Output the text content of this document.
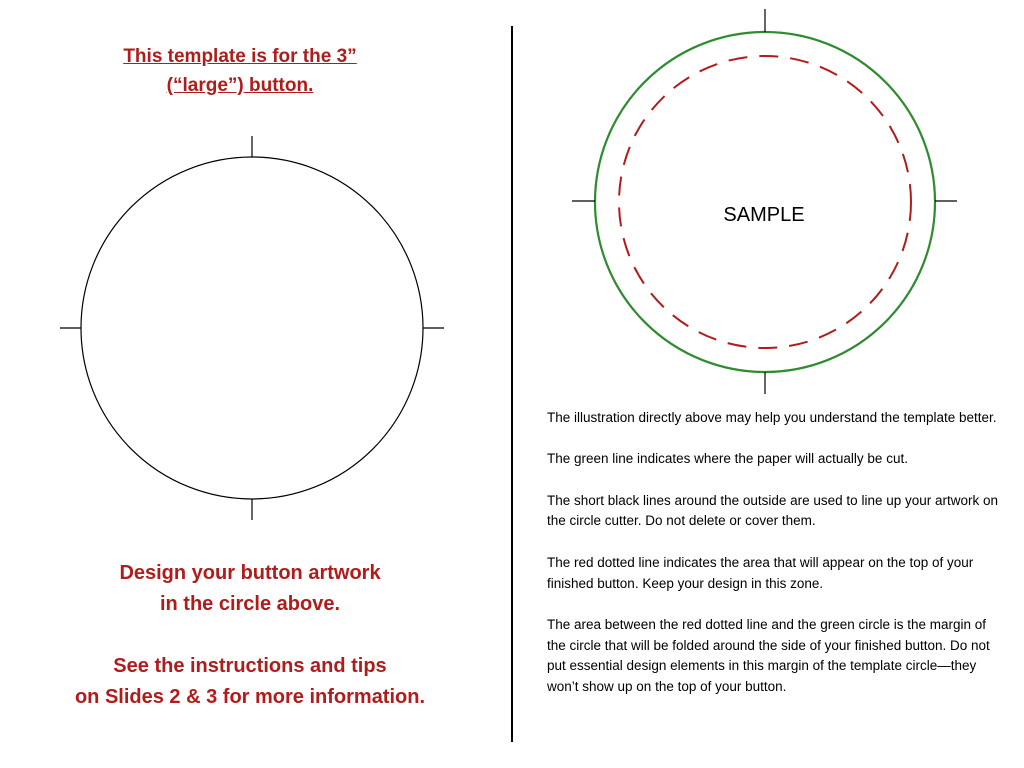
This template is for the 3”
(“large”) button.
SAMPLE
Design your button artwork
in the circle above.
See the instructions and tips
on Slides 2 & 3 for more information.

The illustration directly above may help you understand the template better.

The green line indicates where the paper will actually be cut.

The short black lines around the outside are used to line up your artwork on the circle cutter. Do not delete or cover them.

The red dotted line indicates the area that will appear on the top of your finished button. Keep your design in this zone.

The area between the red dotted line and the green circle is the margin of the circle that will be folded around the side of your finished button. Do not put essential design elements in this margin of the template circle—they won’t show up on the top of your button.
